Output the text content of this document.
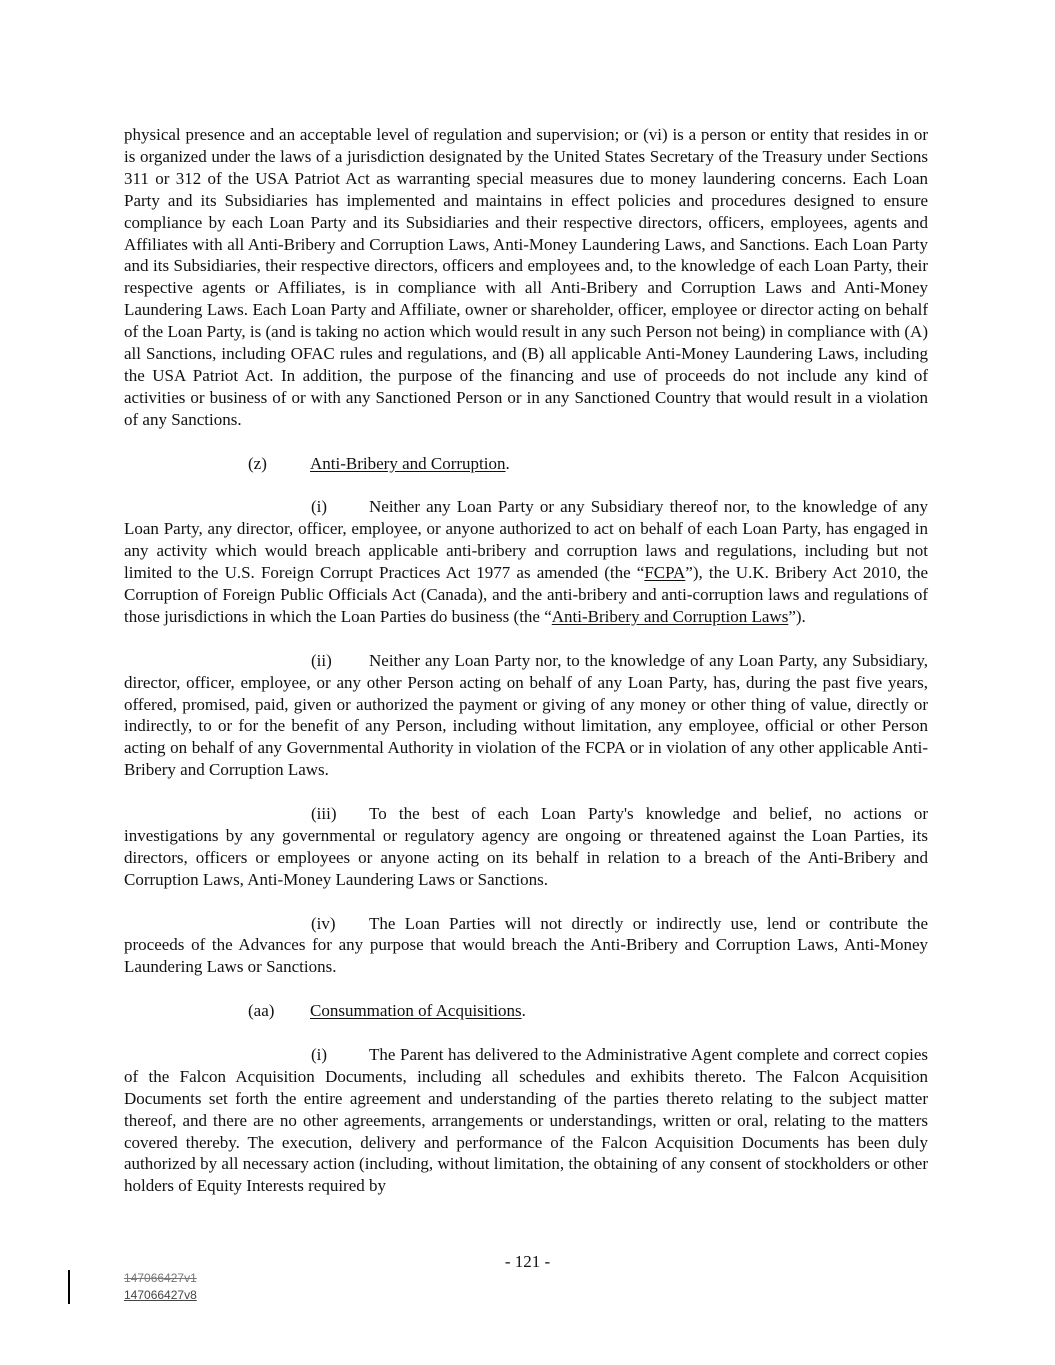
physical presence and an acceptable level of regulation and supervision; or (vi) is a person or entity that resides in or is organized under the laws of a jurisdiction designated by the United States Secretary of the Treasury under Sections 311 or 312 of the USA Patriot Act as warranting special measures due to money laundering concerns. Each Loan Party and its Subsidiaries has implemented and maintains in effect policies and procedures designed to ensure compliance by each Loan Party and its Subsidiaries and their respective directors, officers, employees, agents and Affiliates with all Anti-Bribery and Corruption Laws, Anti-Money Laundering Laws, and Sanctions. Each Loan Party and its Subsidiaries, their respective directors, officers and employees and, to the knowledge of each Loan Party, their respective agents or Affiliates, is in compliance with all Anti-Bribery and Corruption Laws and Anti-Money Laundering Laws. Each Loan Party and Affiliate, owner or shareholder, officer, employee or director acting on behalf of the Loan Party, is (and is taking no action which would result in any such Person not being) in compliance with (A) all Sanctions, including OFAC rules and regulations, and (B) all applicable Anti-Money Laundering Laws, including the USA Patriot Act. In addition, the purpose of the financing and use of proceeds do not include any kind of activities or business of or with any Sanctioned Person or in any Sanctioned Country that would result in a violation of any Sanctions.

(z)	Anti-Bribery and Corruption.

(i) Neither any Loan Party or any Subsidiary thereof nor, to the knowledge of any Loan Party, any director, officer, employee, or anyone authorized to act on behalf of each Loan Party, has engaged in any activity which would breach applicable anti-bribery and corruption laws and regulations, including but not limited to the U.S. Foreign Corrupt Practices Act 1977 as amended (the “FCPA”), the U.K. Bribery Act 2010, the Corruption of Foreign Public Officials Act (Canada), and the anti-bribery and anti-corruption laws and regulations of those jurisdictions in which the Loan Parties do business (the “Anti-Bribery and Corruption Laws”).

(ii) Neither any Loan Party nor, to the knowledge of any Loan Party, any Subsidiary, director, officer, employee, or any other Person acting on behalf of any Loan Party, has, during the past five years, offered, promised, paid, given or authorized the payment or giving of any money or other thing of value, directly or indirectly, to or for the benefit of any Person, including without limitation, any employee, official or other Person acting on behalf of any Governmental Authority in violation of the FCPA or in violation of any other applicable Anti-Bribery and Corruption Laws.

(iii) To the best of each Loan Party's knowledge and belief, no actions or investigations by any governmental or regulatory agency are ongoing or threatened against the Loan Parties, its directors, officers or employees or anyone acting on its behalf in relation to a breach of the Anti-Bribery and Corruption Laws, Anti-Money Laundering Laws or Sanctions.

(iv) The Loan Parties will not directly or indirectly use, lend or contribute the proceeds of the Advances for any purpose that would breach the Anti-Bribery and Corruption Laws, Anti-Money Laundering Laws or Sanctions.

(aa) Consummation of Acquisitions.

(i) The Parent has delivered to the Administrative Agent complete and correct copies of the Falcon Acquisition Documents, including all schedules and exhibits thereto. The Falcon Acquisition Documents set forth the entire agreement and understanding of the parties thereto relating to the subject matter thereof, and there are no other agreements, arrangements or understandings, written or oral, relating to the matters covered thereby. The execution, delivery and performance of the Falcon Acquisition Documents has been duly authorized by all necessary action (including, without limitation, the obtaining of any consent of stockholders or other holders of Equity Interests required by

- 121 -
147066427v1
147066427v8
